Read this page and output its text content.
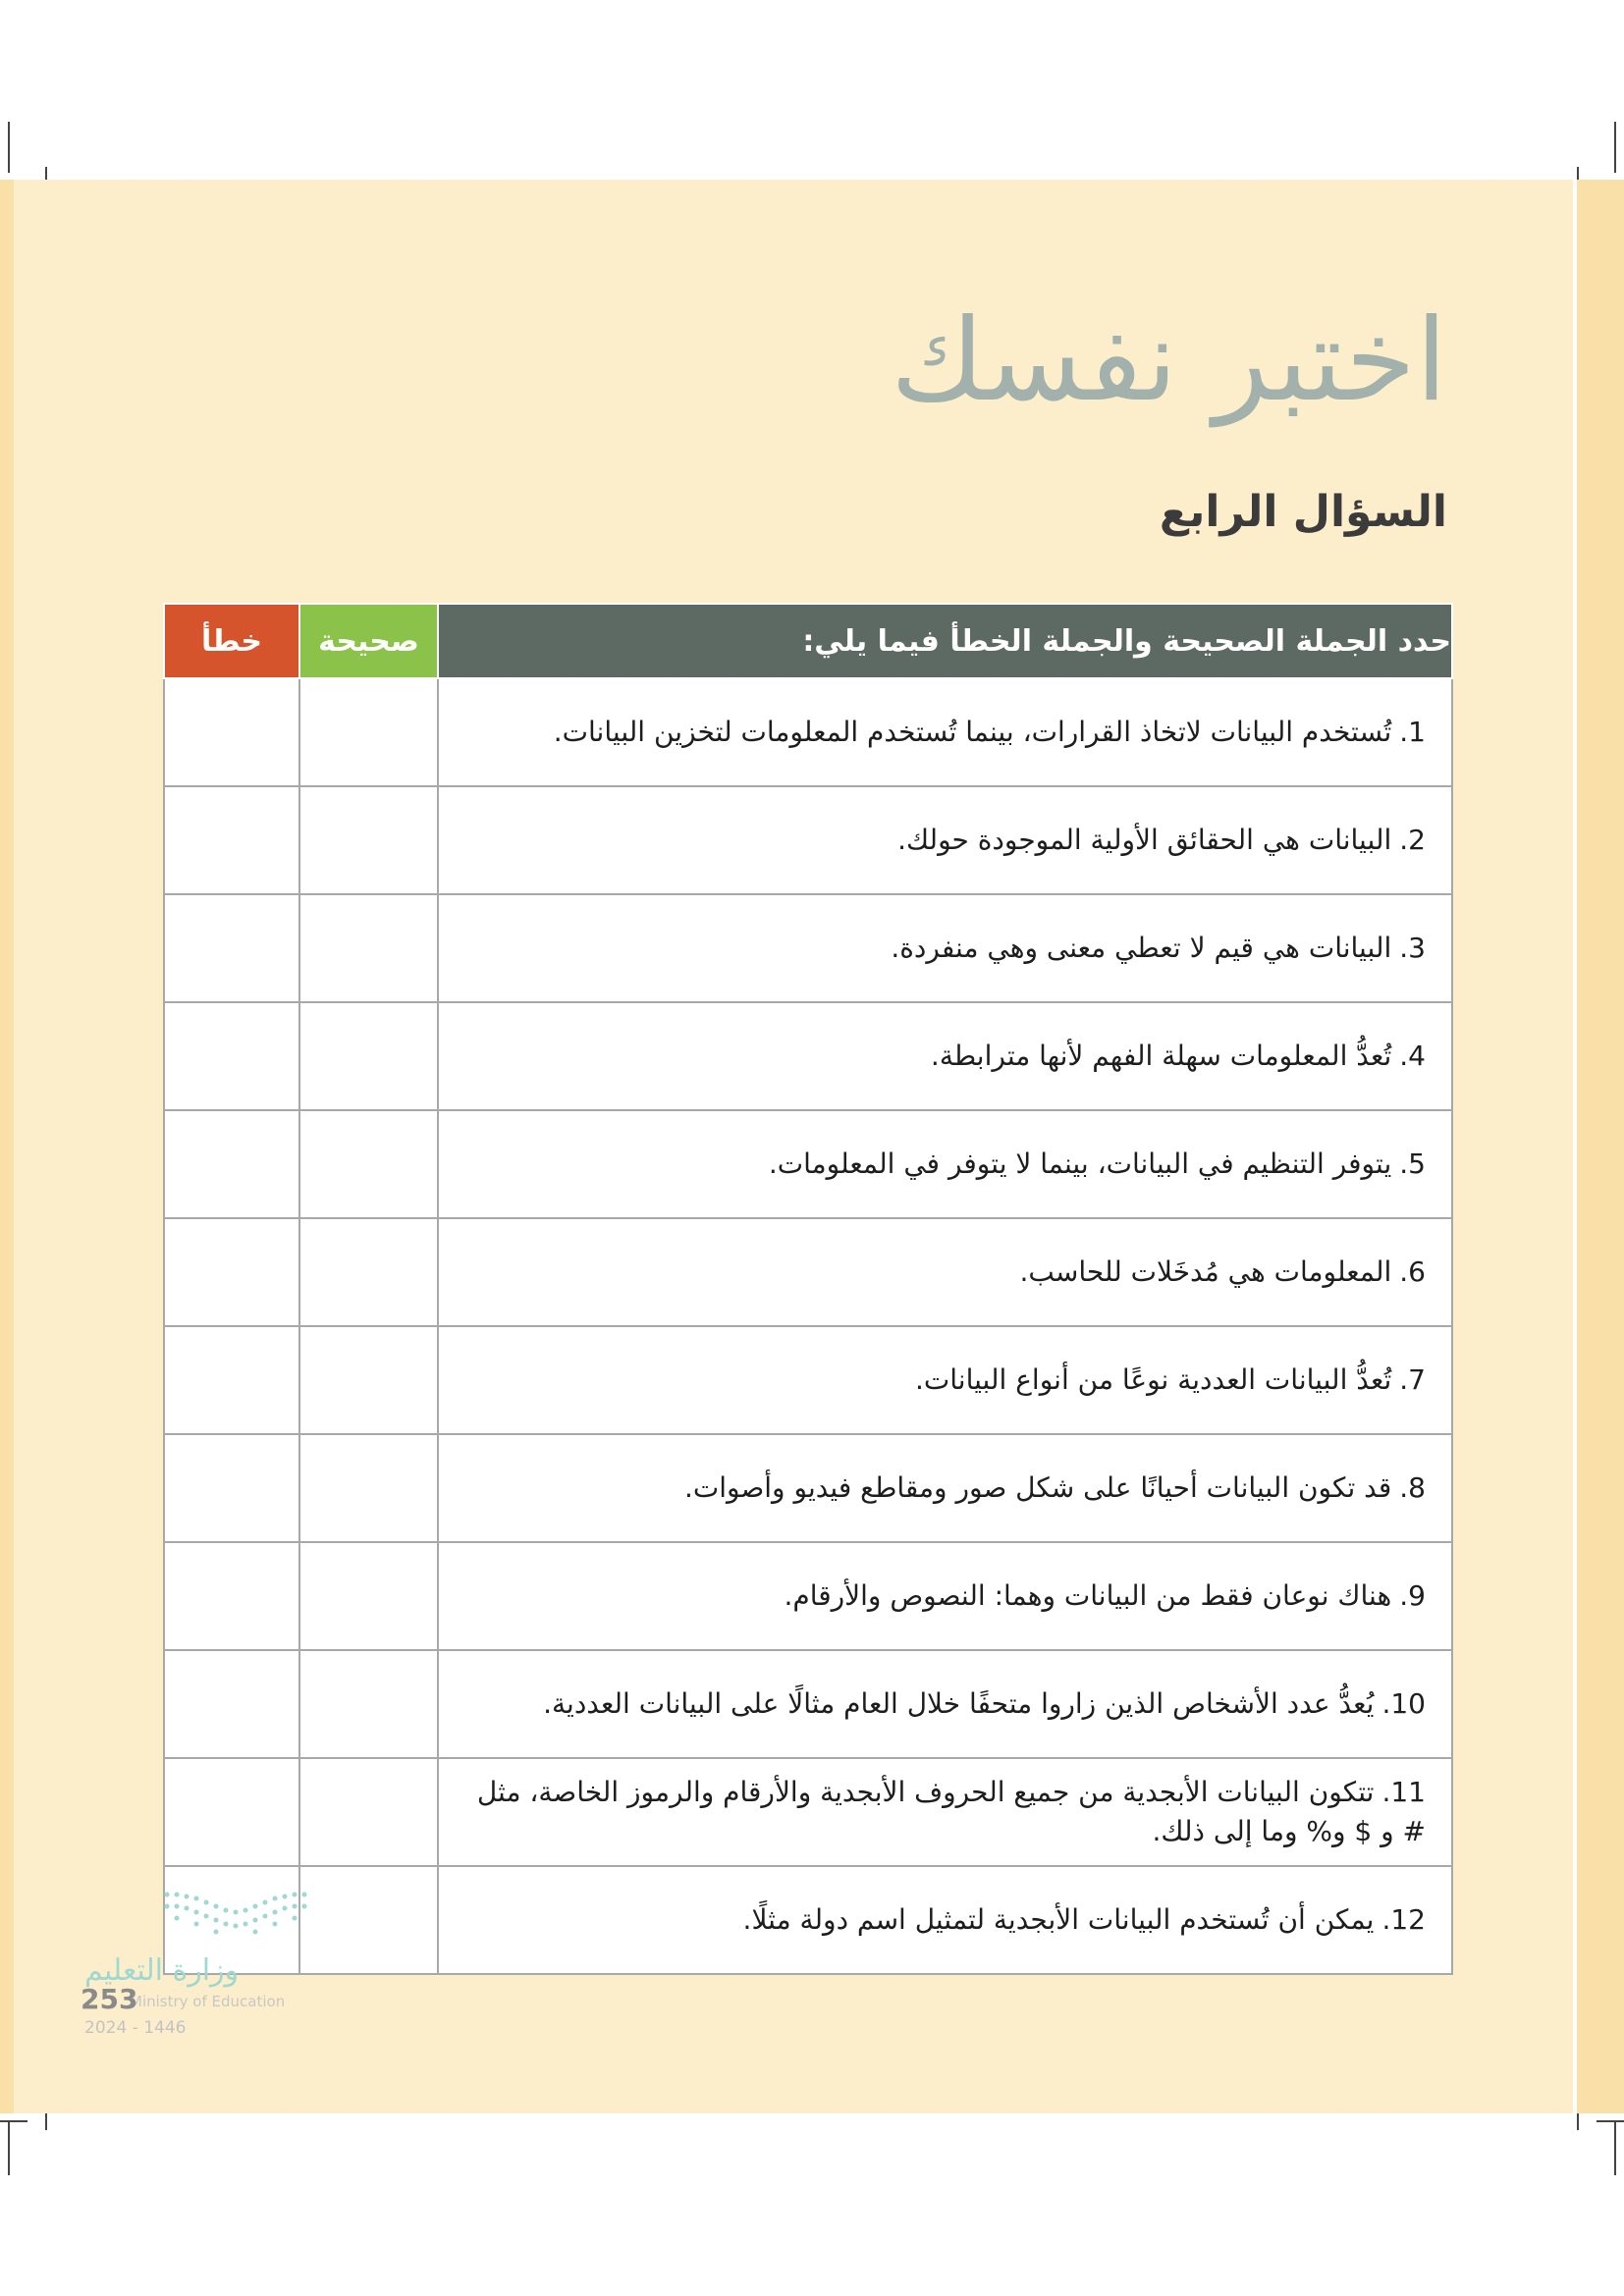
اختبر نفسك
السؤال الرابع
حدد الجملة الصحيحة والجملة الخطأ فيما يلي:	صحيحة	خطأ
1.تُستخدم البيانات لاتخاذ القرارات، بينما تُستخدم المعلومات لتخزين البيانات.		
2.البيانات هي الحقائق الأولية الموجودة حولك.		
3.البيانات هي قيم لا تعطي معنى وهي منفردة.		
4.تُعدُّ المعلومات سهلة الفهم لأنها مترابطة.		
5.يتوفر التنظيم في البيانات، بينما لا يتوفر في المعلومات.		
6.المعلومات هي مُدخَلات للحاسب.		
7.تُعدُّ البيانات العددية نوعًا من أنواع البيانات.		
8.قد تكون البيانات أحيانًا على شكل صور ومقاطع فيديو وأصوات.		
9.هناك نوعان فقط من البيانات وهما: النصوص والأرقام.		
10.يُعدُّ عدد الأشخاص الذين زاروا متحفًا خلال العام مثالًا على البيانات العددية.		
11.تتكون البيانات الأبجدية من جميع الحروف الأبجدية والأرقام والرموز الخاصة، مثل # و $ و% وما إلى ذلك.		
12.يمكن أن تُستخدم البيانات الأبجدية لتمثيل اسم دولة مثلًا.		
وزارة التعليم
Ministry of Education
253
2024 - 1446
